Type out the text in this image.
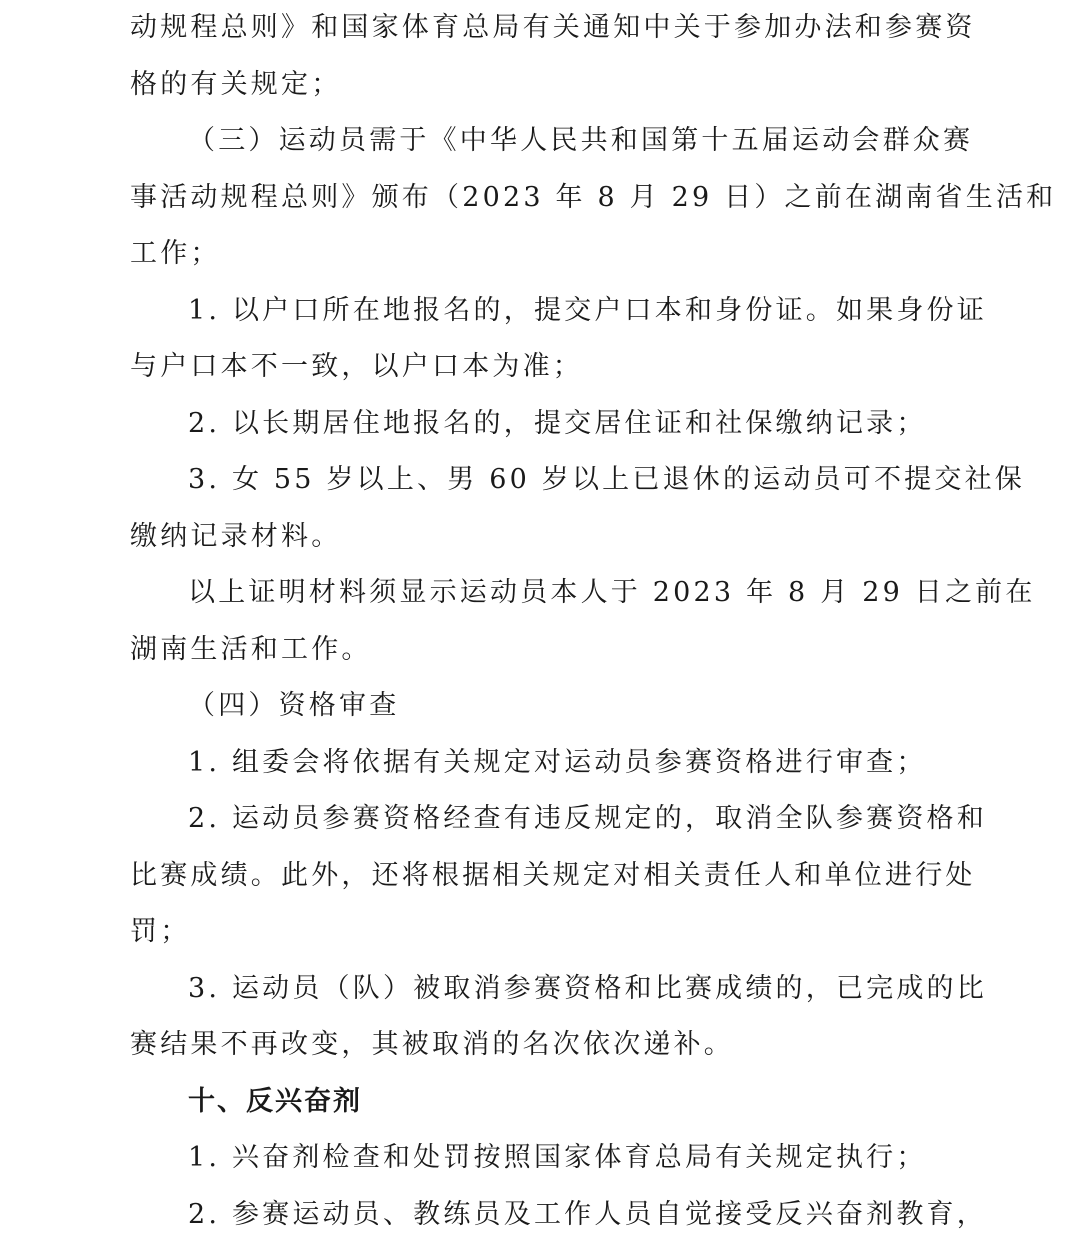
动规程总则》和国家体育总局有关通知中关于参加办法和参赛资
格的有关规定；
（三）运动员需于《中华人民共和国第十五届运动会群众赛
事活动规程总则》颁布（2023 年 8 月 29 日）之前在湖南省生活和
工作；
1. 以户口所在地报名的，提交户口本和身份证。如果身份证
与户口本不一致，以户口本为准；
2. 以长期居住地报名的，提交居住证和社保缴纳记录；
3. 女 55 岁以上、男 60 岁以上已退休的运动员可不提交社保
缴纳记录材料。
以上证明材料须显示运动员本人于 2023 年 8 月 29 日之前在
湖南生活和工作。
（四）资格审查
1. 组委会将依据有关规定对运动员参赛资格进行审查；
2. 运动员参赛资格经查有违反规定的，取消全队参赛资格和
比赛成绩。此外，还将根据相关规定对相关责任人和单位进行处
罚；
3. 运动员（队）被取消参赛资格和比赛成绩的，已完成的比
赛结果不再改变，其被取消的名次依次递补。
十、反兴奋剂
1. 兴奋剂检查和处罚按照国家体育总局有关规定执行；
2. 参赛运动员、教练员及工作人员自觉接受反兴奋剂教育，
